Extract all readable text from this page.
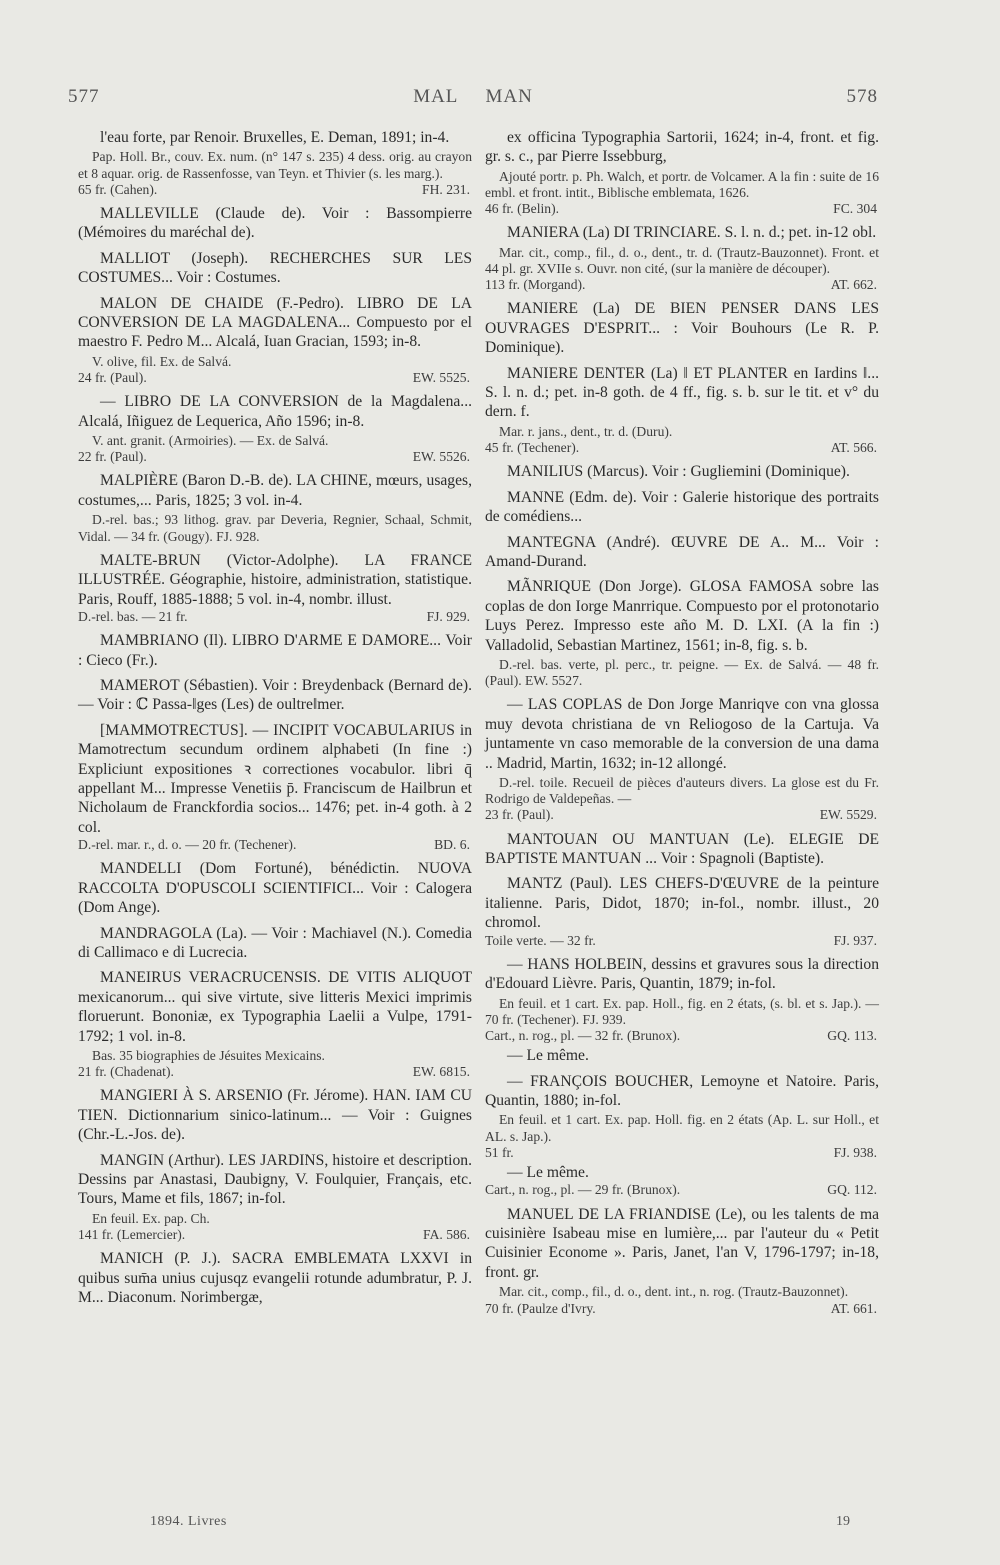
577	MAL MAN	578
l'eau forte, par Renoir. Bruxelles, E. Deman, 1891; in-4.
Pap. Holl. Br., couv. Ex. num. (n° 147 s. 235) 4 dess. orig. au crayon et 8 aquar. orig. de Rassenfosse, van Teyn. et Thivier (s. les marg.).
65 fr. (Cahen).	FH. 231.
MALLEVILLE (Claude de). Voir : Bassompierre (Mémoires du maréchal de).
MALLIOT (Joseph). RECHERCHES SUR LES COSTUMES... Voir : Costumes.
MALON DE CHAIDE (F.-Pedro). LIBRO DE LA CONVERSION DE LA MAGDALENA... Compuesto por el maestro F. Pedro M... Alcalá, Iuan Gracian, 1593; in-8.
V. olive, fil. Ex. de Salvá.
24 fr. (Paul).	EW. 5525.
— LIBRO DE LA CONVERSION de la Magdalena... Alcalá, Iñiguez de Lequerica, Año 1596; in-8.
V. ant. granit. (Armoiries). — Ex. de Salvá.
22 fr. (Paul).	EW. 5526.
MALPIÈRE (Baron D.-B. de). LA CHINE, mœurs, usages, costumes,... Paris, 1825; 3 vol. in-4.
D.-rel. bas.; 93 lithog. grav. par Deveria, Regnier, Schaal, Schmit, Vidal. — 34 fr. (Gougy). FJ. 928.
MALTE-BRUN (Victor-Adolphe). LA FRANCE ILLUSTRÉE. Géographie, histoire, administration, statistique. Paris, Rouff, 1885-1888; 5 vol. in-4, nombr. illust.
D.-rel. bas. — 21 fr.	FJ. 929.
MAMBRIANO (Il). LIBRO D'ARME E DAMORE... Voir : Cieco (Fr.).
MAMEROT (Sébastien). Voir : Breydenback (Bernard de). — Voir : ℂ Passa-‖ges (Les) de oultre‖mer.
[MAMMOTRECTUS]. — INCIPIT VOCABULARIUS in Mamotrectum secundum ordinem alphabeti (In fine :) Expliciunt expositiones ꝛ correctiones vocabulor. libri q̄ appellant M... Impresse Venetiis p̄. Franciscum de Hailbrun et Nicholaum de Franckfordia socios... 1476; pet. in-4 goth. à 2 col.
D.-rel. mar. r., d. o. — 20 fr. (Techener).	BD. 6.
MANDELLI (Dom Fortuné), bénédictin. NUOVA RACCOLTA D'OPUSCOLI SCIENTIFICI... Voir : Calogera (Dom Ange).
MANDRAGOLA (La). — Voir : Machiavel (N.). Comedia di Callimaco e di Lucrecia.
MANEIRUS VERACRUCENSIS. DE VITIS ALIQUOT mexicanorum... qui sive virtute, sive litteris Mexici imprimis floruerunt. Bononiæ, ex Typographia Laelii a Vulpe, 1791-1792; 1 vol. in-8.
Bas. 35 biographies de Jésuites Mexicains.
21 fr. (Chadenat).	EW. 6815.
MANGIERI À S. ARSENIO (Fr. Jérome). HAN. IAM CU TIEN. Dictionnarium sinico-latinum... — Voir : Guignes (Chr.-L.-Jos. de).
MANGIN (Arthur). LES JARDINS, histoire et description. Dessins par Anastasi, Daubigny, V. Foulquier, Français, etc. Tours, Mame et fils, 1867; in-fol.
En feuil. Ex. pap. Ch.
141 fr. (Lemercier).	FA. 586.
MANICH (P. J.). SACRA EMBLEMATA LXXVI in quibus sum̄a unius cujusqz evangelii rotunde adumbratur, P. J. M... Diaconum. Norimbergæ,
ex officina Typographia Sartorii, 1624; in-4, front. et fig. gr. s. c., par Pierre Issebburg,
Ajouté portr. p. Ph. Walch, et portr. de Volcamer. A la fin : suite de 16 embl. et front. intit., Biblische emblemata, 1626.
46 fr. (Belin).	FC. 304
MANIERA (La) DI TRINCIARE. S. l. n. d.; pet. in-12 obl.
Mar. cit., comp., fil., d. o., dent., tr. d. (Trautz-Bauzonnet). Front. et 44 pl. gr. XVIIe s. Ouvr. non cité, (sur la manière de découper).
113 fr. (Morgand).	AT. 662.
MANIERE (La) DE BIEN PENSER DANS LES OUVRAGES D'ESPRIT... : Voir Bouhours (Le R. P. Dominique).
MANIERE DENTER (La) ‖ ET PLANTER en Iardins ‖... S. l. n. d.; pet. in-8 goth. de 4 ff., fig. s. b. sur le tit. et v° du dern. f.
Mar. r. jans., dent., tr. d. (Duru).
45 fr. (Techener).	AT. 566.
MANILIUS (Marcus). Voir : Gugliemini (Dominique).
MANNE (Edm. de). Voir : Galerie historique des portraits de comédiens...
MANTEGNA (André). ŒUVRE DE A.. M... Voir : Amand-Durand.
MÃNRIQUE (Don Jorge). GLOSA FAMOSA sobre las coplas de don Iorge Manrrique. Compuesto por el protonotario Luys Perez. Impresso este año M. D. LXI. (A la fin :) Valladolid, Sebastian Martinez, 1561; in-8, fig. s. b.
D.-rel. bas. verte, pl. perc., tr. peigne. — Ex. de Salvá. — 48 fr. (Paul). EW. 5527.
— LAS COPLAS de Don Jorge Manriqve con vna glossa muy devota christiana de vn Reliogoso de la Cartuja. Va juntamente vn caso memorable de la conversion de una dama .. Madrid, Martin, 1632; in-12 allongé.
D.-rel. toile. Recueil de pièces d'auteurs divers. La glose est du Fr. Rodrigo de Valdepeñas. —
23 fr. (Paul).	EW. 5529.
MANTOUAN OU MANTUAN (Le). ELEGIE DE BAPTISTE MANTUAN ... Voir : Spagnoli (Baptiste).
MANTZ (Paul). LES CHEFS-D'ŒUVRE de la peinture italienne. Paris, Didot, 1870; in-fol., nombr. illust., 20 chromol.
Toile verte. — 32 fr.	FJ. 937.
— HANS HOLBEIN, dessins et gravures sous la direction d'Edouard Lièvre. Paris, Quantin, 1879; in-fol.
En feuil. et 1 cart. Ex. pap. Holl., fig. en 2 états, (s. bl. et s. Jap.). — 70 fr. (Techener). FJ. 939.
Cart., n. rog., pl. — 32 fr. (Brunox).	GQ. 113.
— Le même.
— FRANÇOIS BOUCHER, Lemoyne et Natoire. Paris, Quantin, 1880; in-fol.
En feuil. et 1 cart. Ex. pap. Holl. fig. en 2 états (Ap. L. sur Holl., et AL. s. Jap.).
51 fr.	FJ. 938.
— Le même.
Cart., n. rog., pl. — 29 fr. (Brunox).	GQ. 112.
MANUEL DE LA FRIANDISE (Le), ou les talents de ma cuisinière Isabeau mise en lumière,... par l'auteur du « Petit Cuisinier Econome ». Paris, Janet, l'an V, 1796-1797; in-18, front. gr.
Mar. cit., comp., fil., d. o., dent. int., n. rog. (Trautz-Bauzonnet).
70 fr. (Paulze d'Ivry.	AT. 661.
1894. Livres	19
